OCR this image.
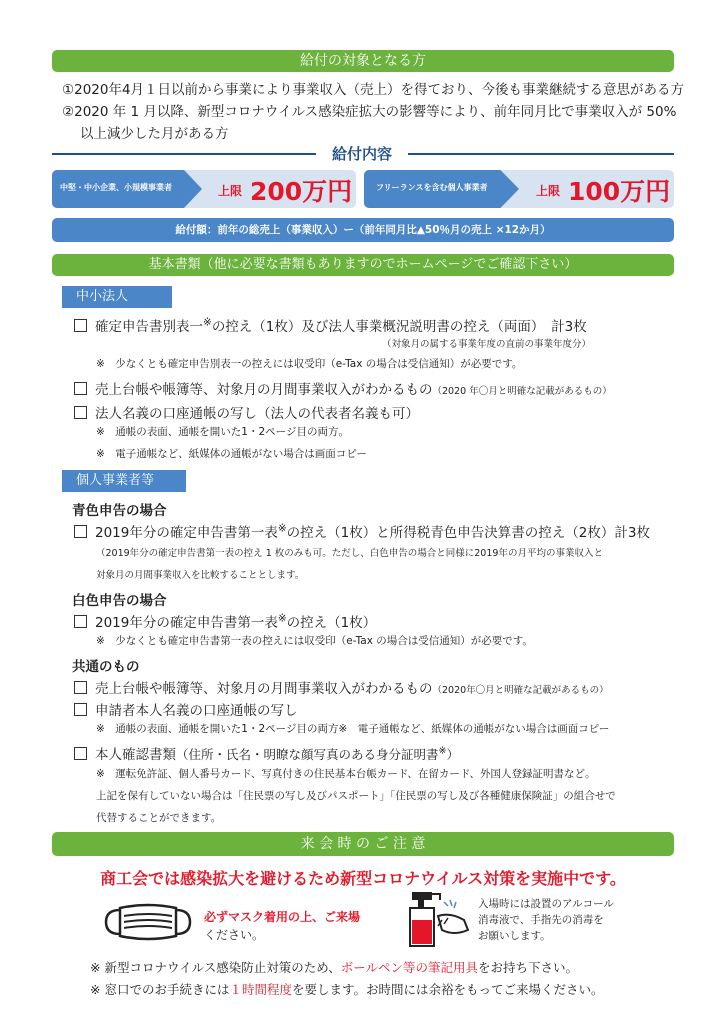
給付の対象となる方
①2020年4月１日以前から事業により事業収入（売上）を得ており、今後も事業継続する意思がある方
②2020 年 1 月以降、新型コロナウイルス感染症拡大の影響等により、前年同月比で事業収入が 50%
以上減少した月がある方
給付内容
中堅・中小企業、小規模事業者	上限 200万円	フリーランスを含む個人事業者	上限 100万円
給付額：前年の総売上（事業収入）ー（前年同月比▲50％月の売上 ×12か月）
基本書類（他に必要な書類もありますのでホームページでご確認下さい）
中小法人
確定申告書別表一※の控え（1枚）及び法人事業概況説明書の控え（両面）　計3枚
（対象月の属する事業年度の直前の事業年度分）
※　少なくとも確定申告別表一の控えには収受印（e-Tax の場合は受信通知）が必要です。
売上台帳や帳簿等、対象月の月間事業収入がわかるもの（2020 年〇月と明確な記載があるもの）
法人名義の口座通帳の写し（法人の代表者名義も可）
※　通帳の表面、通帳を開いた1・2ページ目の両方。
※　電子通帳など、紙媒体の通帳がない場合は画面コピー
個人事業者等
青色申告の場合
2019年分の確定申告書第一表※の控え（1枚）と所得税青色申告決算書の控え（2枚）計3枚
（2019年分の確定申告書第一表の控え 1 枚のみも可。ただし、白色申告の場合と同様に2019年の月平均の事業収入と
対象月の月間事業収入を比較することとします。
白色申告の場合
2019年分の確定申告書第一表※の控え（1枚）
※　少なくとも確定申告書第一表の控えには収受印（e-Tax の場合は受信通知）が必要です。
共通のもの
売上台帳や帳簿等、対象月の月間事業収入がわかるもの（2020年〇月と明確な記載があるもの）
申請者本人名義の口座通帳の写し
※　通帳の表面、通帳を開いた1・2ページ目の両方※　電子通帳など、紙媒体の通帳がない場合は画面コピー
本人確認書類（住所・氏名・明瞭な顔写真のある身分証明書※）
※　運転免許証、個人番号カード、写真付きの住民基本台帳カード、在留カード、外国人登録証明書など。
上記を保有していない場合は「住民票の写し及びパスポート」「住民票の写し及び各種健康保険証」の組合せで
代替することができます。
来 会 時 の ご 注 意
商工会では感染拡大を避けるため新型コロナウイルス対策を実施中です。
必ずマスク着用の上、ご来場
ください。
入場時には設置のアルコール
消毒液で、手指先の消毒を
お願いします。
※ 新型コロナウイルス感染防止対策のため、ボールペン等の筆記用具をお持ち下さい。
※ 窓口でのお手続きには１時間程度を要します。お時間には余裕をもってご来場ください。
